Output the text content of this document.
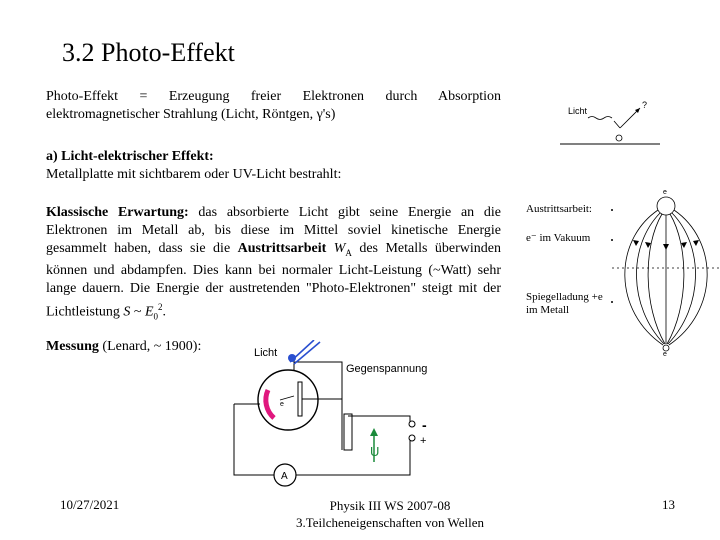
3.2 Photo-Effekt
Photo-Effekt = Erzeugung freier Elektronen durch Absorption elektromagnetischer Strahlung (Licht, Röntgen, γ's)
a) Licht-elektrischer Effekt:
Metallplatte mit sichtbarem oder UV-Licht bestrahlt:
Klassische Erwartung: das absorbierte Licht gibt seine Energie an die Elektronen im Metall ab, bis diese im Mittel soviel kinetische Energie gesammelt haben, dass sie die Austrittsarbeit $W_A$ des Metalls überwinden können und abdampfen. Dies kann bei normaler Licht-Leistung (~Watt) sehr lange dauern. Die Energie der austretenden "Photo-Elektronen" steigt mit der Lichtleistung S ~ $E_0^2$.
Messung (Lenard, ~ 1900):
Licht
?
Austrittsarbeit:
e⁻ im Vakuum
Spiegelladung +e
im Metall
e
e
e
Licht
Gegenspannung
U
-
+
A
10/27/2021	Physik III WS 2007-08
3.Teilcheneigenschaften von Wellen
13
